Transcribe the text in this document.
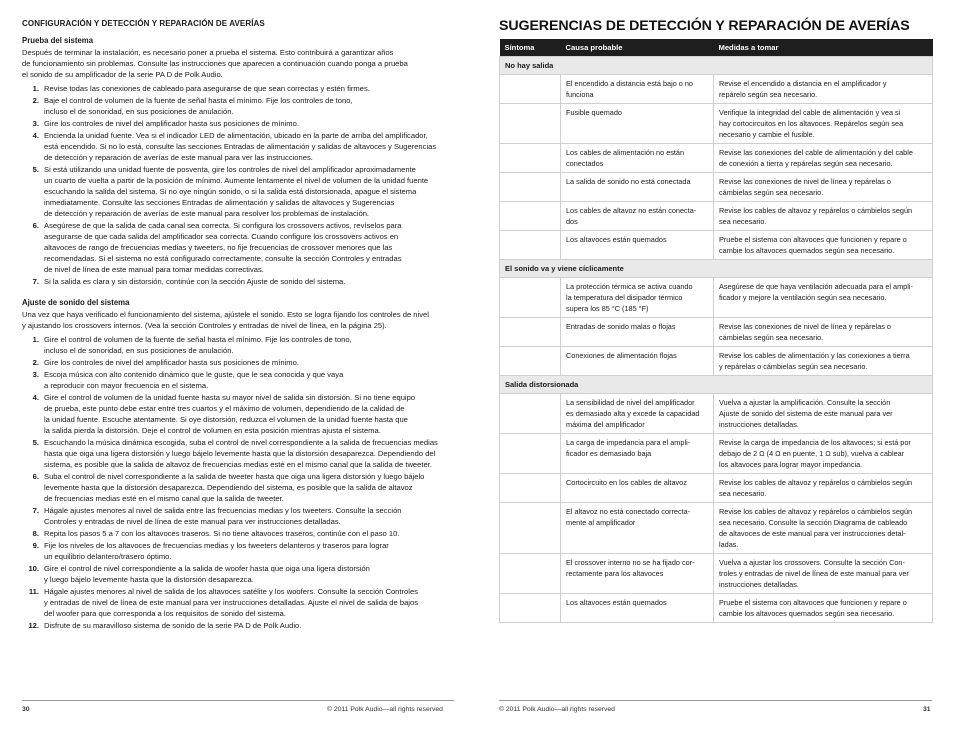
CONFIGURACIÓN Y DETECCIÓN Y REPARACIÓN DE AVERÍAS
Prueba del sistema
Después de terminar la instalación, es necesario poner a prueba el sistema. Esto contribuirá a garantizar años
de funcionamiento sin problemas. Consulte las instrucciones que aparecen a continuación cuando ponga a prueba
el sonido de su amplificador de la serie PA D de Polk Audio.
1. Revise todas las conexiones de cableado para asegurarse de que sean correctas y estén firmes.
2. Baje el control de volumen de la fuente de señal hasta el mínimo. Fije los controles de tono,
incluso el de sonoridad, en sus posiciones de anulación.
3. Gire los controles de nivel del amplificador hasta sus posiciones de mínimo.
4. Encienda la unidad fuente. Vea si el indicador LED de alimentación, ubicado en la parte de arriba del amplificador,
está encendido. Si no lo está, consulte las secciones Entradas de alimentación y salidas de altavoces y Sugerencias
de detección y reparación de averías de este manual para ver las instrucciones.
5. Si está utilizando una unidad fuente de posventa, gire los controles de nivel del amplificador aproximadamente
un cuarto de vuelta a partir de la posición de mínimo. Aumente lentamente el nivel de volumen de la unidad fuente
escuchando la salida del sistema. Si no oye ningún sonido, o si la salida está distorsionada, apague el sistema
inmediatamente. Consulte las secciones Entradas de alimentación y salidas de altavoces y Sugerencias
de detección y reparación de averías de este manual para resolver los problemas de instalación.
6. Asegúrese de que la salida de cada canal sea correcta. Si configura los crossovers activos, revíselos para
asegurarse de que cada salida del amplificador sea correcta. Cuando configure los crossovers activos en
altavoces de rango de frecuencias medias y tweeters, no fije frecuencias de crossover menores que las
recomendadas. Si el sistema no está configurado correctamente, consulte la sección Controles y entradas
de nivel de línea de este manual para tomar medidas correctivas.
7. Si la salida es clara y sin distorsión, continúe con la sección Ajuste de sonido del sistema.
Ajuste de sonido del sistema
Una vez que haya verificado el funcionamiento del sistema, ajústele el sonido. Esto se logra fijando los controles de nivel
y ajustando los crossovers internos. (Vea la sección Controles y entradas de nivel de línea, en la página 25).
1. Gire el control de volumen de la fuente de señal hasta el mínimo. Fije los controles de tono,
incluso el de sonoridad, en sus posiciones de anulación.
2. Gire los controles de nivel del amplificador hasta sus posiciones de mínimo.
3. Escoja música con alto contenido dinámico que le guste, que le sea conocida y que vaya
a reproducir con mayor frecuencia en el sistema.
4. Gire el control de volumen de la unidad fuente hasta su mayor nivel de salida sin distorsión. Si no tiene equipo
de prueba, este punto debe estar entre tres cuartos y el máximo de volumen, dependiendo de la calidad de
la unidad fuente. Escuche atentamente. Si oye distorsión, reduzca el volumen de la unidad fuente hasta que
la salida pierda la distorsión. Deje el control de volumen en esta posición mientras ajusta el sistema.
5. Escuchando la música dinámica escogida, suba el control de nivel correspondiente a la salida de frecuencias medias
hasta que oiga una ligera distorsión y luego bájelo levemente hasta que la distorsión desaparezca. Dependiendo del
sistema, es posible que la salida de altavoz de frecuencias medias esté en el mismo canal que la salida de tweeter.
6. Suba el control de nivel correspondiente a la salida de tweeter hasta que oiga una ligera distorsión y luego bájelo
levemente hasta que la distorsión desaparezca. Dependiendo del sistema, es posible que la salida de altavoz
de frecuencias medias esté en el mismo canal que la salida de tweeter.
7. Hágale ajustes menores al nivel de salida entre las frecuencias medias y los tweeters. Consulte la sección
Controles y entradas de nivel de línea de este manual para ver instrucciones detalladas.
8. Repita los pasos 5 a 7 con los altavoces traseros. Si no tiene altavoces traseros, continúe con el paso 10.
9. Fije los niveles de los altavoces de frecuencias medias y los tweeters delanteros y traseros para lograr
un equilibrio delantero/trasero óptimo.
10. Gire el control de nivel correspondiente a la salida de woofer hasta que oiga una ligera distorsión
y luego bájelo levemente hasta que la distorsión desaparezca.
11. Hágale ajustes menores al nivel de salida de los altavoces satélite y los woofers. Consulte la sección Controles
y entradas de nivel de línea de este manual para ver instrucciones detalladas. Ajuste el nivel de salida de bajos
del woofer para que corresponda a los requisitos de sonido del sistema.
12. Disfrute de su maravilloso sistema de sonido de la serie PA D de Polk Audio.
30	© 2011 Polk Audio—all rights reserved
SUGERENCIAS DE DETECCIÓN Y REPARACIÓN DE AVERÍAS
Síntoma	Causa probable	Medidas a tomar
No hay salida		
	El encendido a distancia está bajo o no
funciona	Revise el encendido a distancia en el amplificador y
repárelo según sea necesario.
	Fusible quemado	Verifique la integridad del cable de alimentación y vea si
hay cortocircuitos en los altavoces. Repárelos según sea
necesario y cambie el fusible.
	Los cables de alimentación no están
conectados	Revise las conexiones del cable de alimentación y del cable
de conexión a tierra y repárelas según sea necesario.
	La salida de sonido no está conectada	Revise las conexiones de nivel de línea y repárelas o
cámbielas según sea necesario.
	Los cables de altavoz no están conecta-
dos	Revise los cables de altavoz y repárelos o cámbielos según
sea necesario.
	Los altavoces están quemados	Pruebe el sistema con altavoces que funcionen y repare o
cambie los altavoces quemados según sea necesario.
El sonido va y viene cíclicamente		
	La protección térmica se activa cuando
la temperatura del disipador térmico
supera los 85 °C (185 °F)	Asegúrese de que haya ventilación adecuada para el ampli-
ficador y mejore la ventilación según sea necesario.
	Entradas de sonido malas o flojas	Revise las conexiones de nivel de línea y repárelas o
cámbielas según sea necesario.
	Conexiones de alimentación flojas	Revise los cables de alimentación y las conexiones a tierra
y repárelas o cámbielas según sea necesario.
Salida distorsionada		
	La sensibilidad de nivel del amplificador
es demasiado alta y excede la capacidad
máxima del amplificador	Vuelva a ajustar la amplificación. Consulte la sección
Ajuste de sonido del sistema de este manual para ver
instrucciones detalladas.
	La carga de impedancia para el ampli-
ficador es demasiado baja	Revise la carga de impedancia de los altavoces; si está por
debajo de 2 Ω (4 Ω en puente, 1 Ω sub), vuelva a cablear
los altavoces para lograr mayor impedancia.
	Cortocircuito en los cables de altavoz	Revise los cables de altavoz y repárelos o cámbielos según
sea necesario.
	El altavoz no está conectado correcta-
mente al amplificador	Revise los cables de altavoz y repárelos o cámbielos según
sea necesario. Consulte la sección Diagrama de cableado
de altavoces de este manual para ver instrucciones detal-
ladas.
	El crossover interno no se ha fijado cor-
rectamente para los altavoces	Vuelva a ajustar los crossovers. Consulte la sección Con-
troles y entradas de nivel de línea de este manual para ver
instrucciones detalladas.
	Los altavoces están quemados	Pruebe el sistema con altavoces que funcionen y repare o
cambie los altavoces quemados según sea necesario.
© 2011 Polk Audio—all rights reserved	31
